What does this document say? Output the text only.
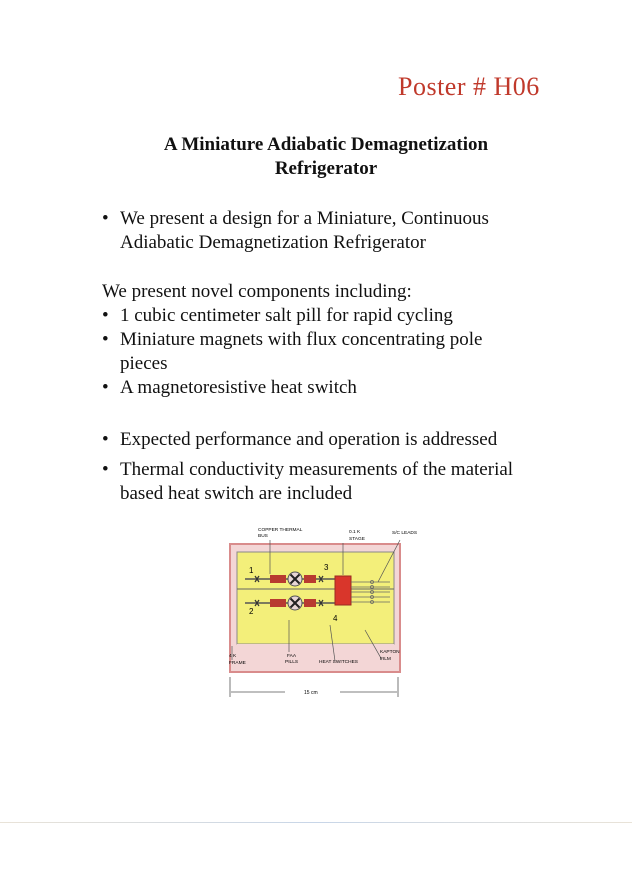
Poster # H06
A Miniature Adiabatic Demagnetization
Refrigerator
• We present a design for a Miniature, Continuous
Adiabatic Demagnetization Refrigerator
We present novel components including:
• 1 cubic centimeter salt pill for rapid cycling
• Miniature magnets with flux concentrating pole
pieces
• A magnetoresistive heat switch
• Expected performance and operation is addressed
• Thermal conductivity measurements of the material
based heat switch are included
1
2
3
4
COPPER THERMAL
BUS
0.1 K
STAGE
S/C LEADS
4 K
FRAME
FAA
PILLS	HEAT SWITCHES
KAPTON
FILM
15 cm
